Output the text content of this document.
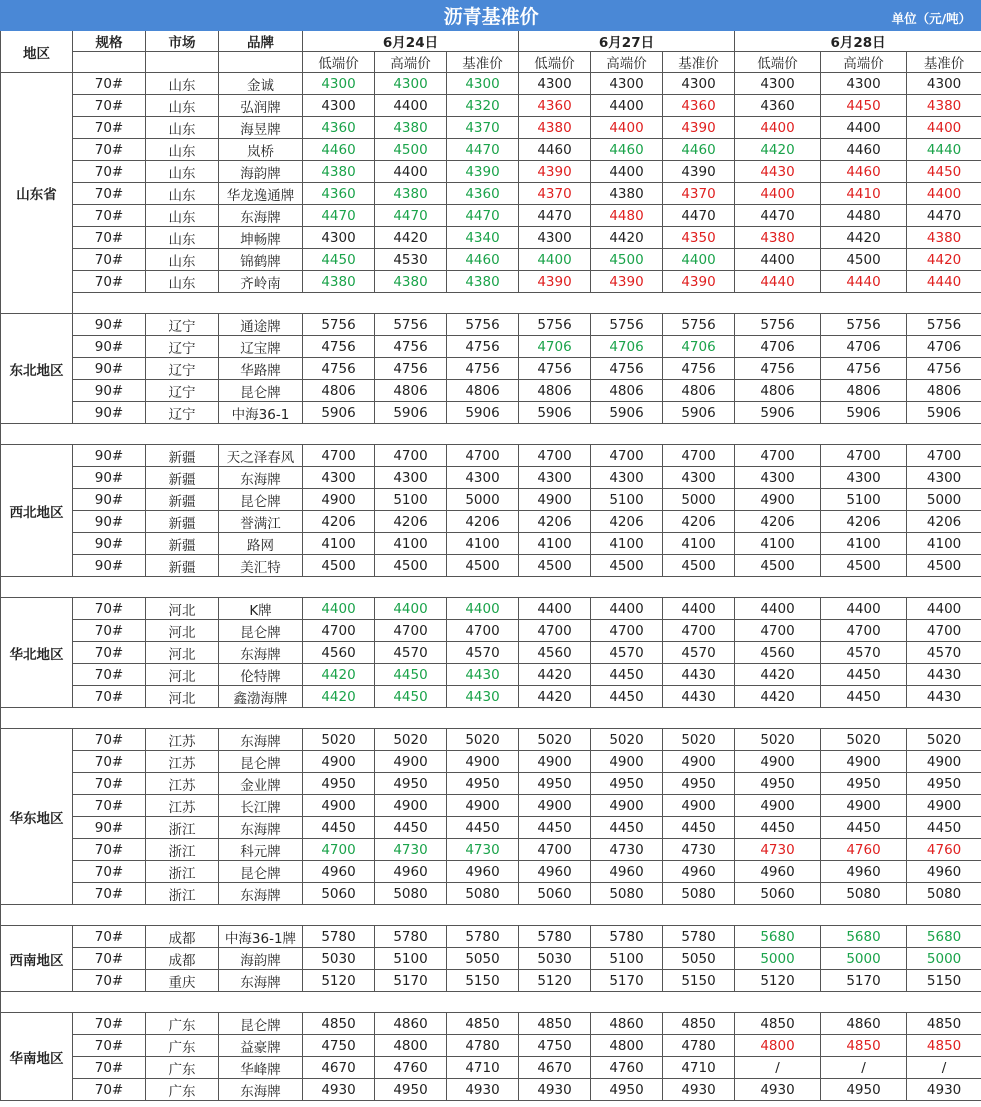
沥青基准价 单位（元/吨）												

地区	规格	市场	品牌	6月24日			6月27日			6月28日		
				低端价	高端价	基准价	低端价	高端价	基准价	低端价	高端价	基准价
山东省	70#	山东	金诚	4300	4300	4300	4300	4300	4300	4300	4300	4300
	70#	山东	弘润牌	4300	4400	4320	4360	4400	4360	4360	4450	4380
	70#	山东	海昱牌	4360	4380	4370	4380	4400	4390	4400	4400	4400
	70#	山东	岚桥	4460	4500	4470	4460	4460	4460	4420	4460	4440
	70#	山东	海韵牌	4380	4400	4390	4390	4400	4390	4430	4460	4450
	70#	山东	华龙逸通牌	4360	4380	4360	4370	4380	4370	4400	4410	4400
	70#	山东	东海牌	4470	4470	4470	4470	4480	4470	4470	4480	4470
	70#	山东	坤畅牌	4300	4420	4340	4300	4420	4350	4380	4420	4380
	70#	山东	锦鹤牌	4450	4530	4460	4400	4500	4400	4400	4500	4420
	70#	山东	齐岭南	4380	4380	4380	4390	4390	4390	4440	4440	4440

东北地区	90#	辽宁	通途牌	5756	5756	5756	5756	5756	5756	5756	5756	5756
	90#	辽宁	辽宝牌	4756	4756	4756	4706	4706	4706	4706	4706	4706
	90#	辽宁	华路牌	4756	4756	4756	4756	4756	4756	4756	4756	4756
	90#	辽宁	昆仑牌	4806	4806	4806	4806	4806	4806	4806	4806	4806
	90#	辽宁	中海36-1	5906	5906	5906	5906	5906	5906	5906	5906	5906

西北地区	90#	新疆	天之泽春风	4700	4700	4700	4700	4700	4700	4700	4700	4700
	90#	新疆	东海牌	4300	4300	4300	4300	4300	4300	4300	4300	4300
	90#	新疆	昆仑牌	4900	5100	5000	4900	5100	5000	4900	5100	5000
	90#	新疆	誉满江	4206	4206	4206	4206	4206	4206	4206	4206	4206
	90#	新疆	路网	4100	4100	4100	4100	4100	4100	4100	4100	4100
	90#	新疆	美汇特	4500	4500	4500	4500	4500	4500	4500	4500	4500

华北地区	70#	河北	K牌	4400	4400	4400	4400	4400	4400	4400	4400	4400
	70#	河北	昆仑牌	4700	4700	4700	4700	4700	4700	4700	4700	4700
	70#	河北	东海牌	4560	4570	4570	4560	4570	4570	4560	4570	4570
	70#	河北	伦特牌	4420	4450	4430	4420	4450	4430	4420	4450	4430
	70#	河北	鑫渤海牌	4420	4450	4430	4420	4450	4430	4420	4450	4430

华东地区	70#	江苏	东海牌	5020	5020	5020	5020	5020	5020	5020	5020	5020
	70#	江苏	昆仑牌	4900	4900	4900	4900	4900	4900	4900	4900	4900
	70#	江苏	金业牌	4950	4950	4950	4950	4950	4950	4950	4950	4950
	70#	江苏	长江牌	4900	4900	4900	4900	4900	4900	4900	4900	4900
	90#	浙江	东海牌	4450	4450	4450	4450	4450	4450	4450	4450	4450
	70#	浙江	科元牌	4700	4730	4730	4700	4730	4730	4730	4760	4760
	70#	浙江	昆仑牌	4960	4960	4960	4960	4960	4960	4960	4960	4960
	70#	浙江	东海牌	5060	5080	5080	5060	5080	5080	5060	5080	5080

西南地区	70#	成都	中海36-1牌	5780	5780	5780	5780	5780	5780	5680	5680	5680
	70#	成都	海韵牌	5030	5100	5050	5030	5100	5050	5000	5000	5000
	70#	重庆	东海牌	5120	5170	5150	5120	5170	5150	5120	5170	5150

华南地区	70#	广东	昆仑牌	4850	4860	4850	4850	4860	4850	4850	4860	4850
	70#	广东	益豪牌	4750	4800	4780	4750	4800	4780	4800	4850	4850
	70#	广东	华峰牌	4670	4760	4710	4670	4760	4710	/	/	/
	70#	广东	东海牌	4930	4950	4930	4930	4950	4930	4930	4950	4930
